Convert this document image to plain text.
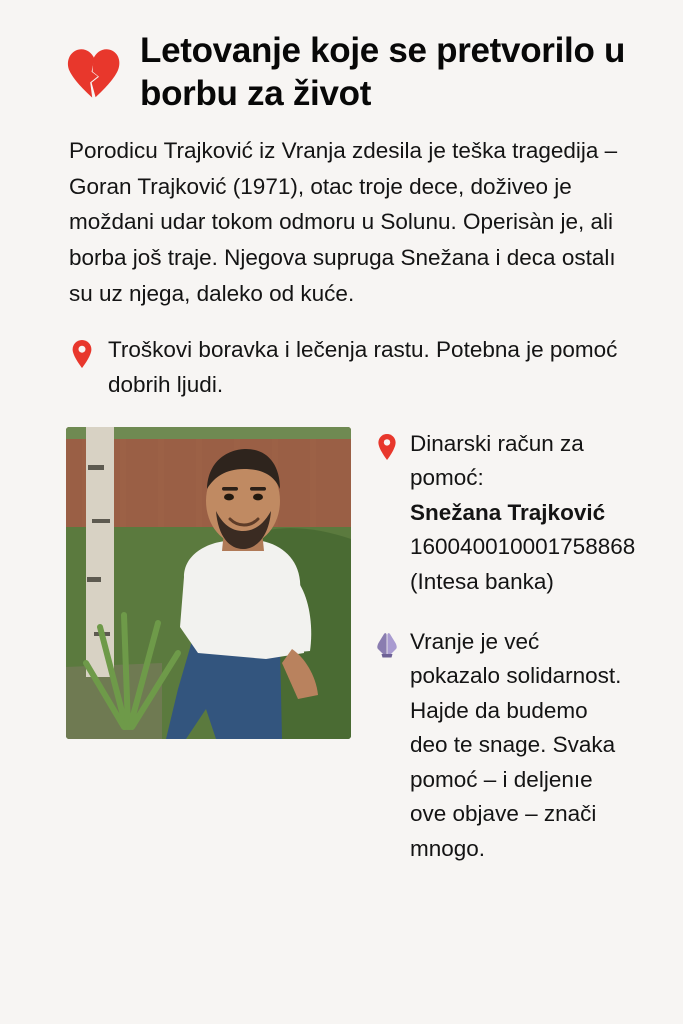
Letovanje koje se pretvorilo u borbu za život

Porodicu Trajković iz Vranja zdesila je teška tragedija – Goran Trajković (1971), otac troje dece, doživeo je moždani udar tokom odmoru u Solunu. Operisàn je, ali borba još traje. Njegova supruga Snežana i deca ostalı su uz njega, daleko od kuće.

Troškovi boravka i lečenja rastu. Potebna je pomoć dobrih ljudi.
Dinarski račun za pomoć:
Snežana Trajković
160040010001758868
(Intesa banka)
Vranje je već pokazalo solidarnost. Hajde da budemo deo te snage. Svaka pomoć – i deljenıe ove objave – znači mnogo.
